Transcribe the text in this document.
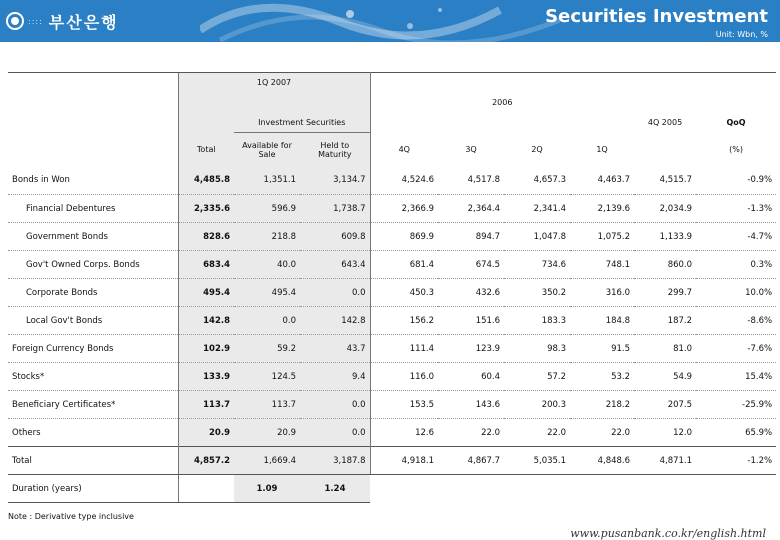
:::: 부산은행	Securities Investment
Unit: Wbn, %
	1Q 2007								
				2006					
		Investment Securities						4Q 2005	QoQ
	Total	Available for Sale	Held to Maturity	4Q	3Q	2Q	1Q		(%)
Bonds in Won	4,485.8	1,351.1	3,134.7	4,524.6	4,517.8	4,657.3	4,463.7	4,515.7	-0.9%
Financial Debentures	2,335.6	596.9	1,738.7	2,366.9	2,364.4	2,341.4	2,139.6	2,034.9	-1.3%
Government Bonds	828.6	218.8	609.8	869.9	894.7	1,047.8	1,075.2	1,133.9	-4.7%
Gov't Owned Corps. Bonds	683.4	40.0	643.4	681.4	674.5	734.6	748.1	860.0	0.3%
Corporate Bonds	495.4	495.4	0.0	450.3	432.6	350.2	316.0	299.7	10.0%
Local Gov't Bonds	142.8	0.0	142.8	156.2	151.6	183.3	184.8	187.2	-8.6%
Foreign Currency Bonds	102.9	59.2	43.7	111.4	123.9	98.3	91.5	81.0	-7.6%
Stocks*	133.9	124.5	9.4	116.0	60.4	57.2	53.2	54.9	15.4%
Beneficiary Certificates*	113.7	113.7	0.0	153.5	143.6	200.3	218.2	207.5	-25.9%
Others	20.9	20.9	0.0	12.6	22.0	22.0	22.0	12.0	65.9%
Total	4,857.2	1,669.4	3,187.8	4,918.1	4,867.7	5,035.1	4,848.6	4,871.1	-1.2%
Duration (years)		1.09	1.24						
Note : Derivative type inclusive
www.pusanbank.co.kr/english.html
